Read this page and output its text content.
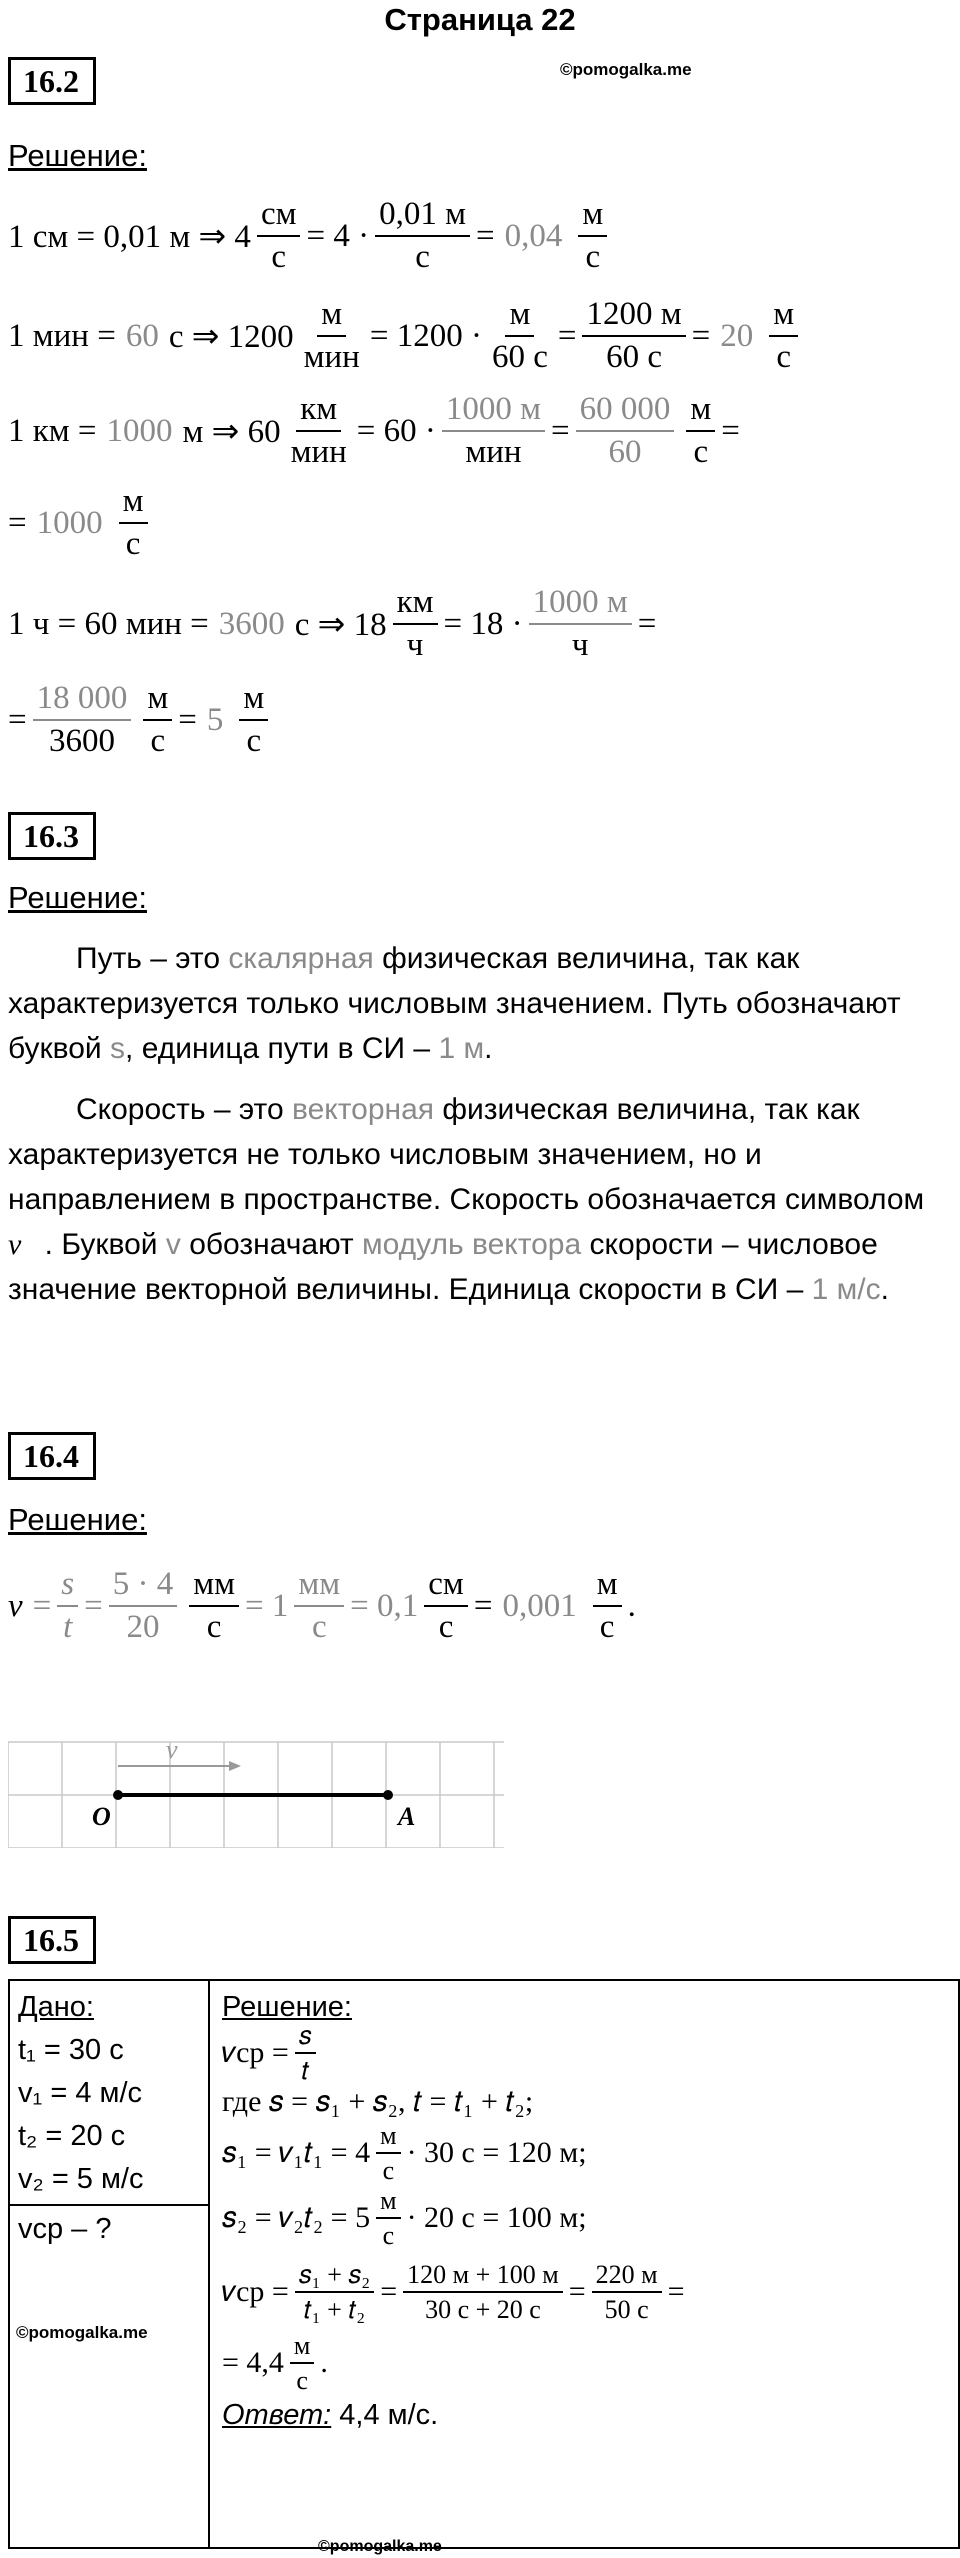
Страница 22
©pomogalka.me
16.2
Решение:
1 см = 0,01 м ⇒ $4 \frac{см}{с} = 4 \cdot \frac{0,01 м}{с} = 0,04 \frac{м}{с}$
1 мин = 60 с ⇒ $1200 \frac{м}{\text{мин}} = 1200 \cdot \frac{м}{60 с} = \frac{1200 м}{60 с} = 20 \frac{м}{с}$
1 км = 1000 м ⇒ $60 \frac{км}{\text{мин}} = 60 \cdot \frac{1000 м}{\text{мин}} = \frac{60 000}{60} \frac{м}{с}$ =
= $1000 \frac{м}{с}$
1 ч = 60 мин = 3600 с ⇒ $18 \frac{км}{ч} = 18 \cdot \frac{1000 м}{ч}$ =
= $\frac{18 000}{3600} \frac{м}{с} = 5 \frac{м}{с}$
16.3
Решение:
Путь – это скалярная физическая величина, так как характеризуется только числовым значением. Путь обозначают буквой s, единица пути в СИ – 1 м.
Скорость – это векторная физическая величина, так как характеризуется не только числовым значением, но и направлением в пространстве. Скорость обозначается символом v⃗. Буквой v обозначают модуль вектора скорости – числовое значение векторной величины. Единица скорости в СИ – 1 м/с.
16.4
Решение:
$v = \frac{s}{t} = \frac{5 \cdot 4}{20} \frac{мм}{с} = 1 \frac{мм}{с} = 0,1 \frac{см}{с} = 0,001 \frac{м}{с}$ .
v⃗
O	A
16.5
Дано:
t₁ = 30 с
v₁ = 4 м/с
t₂ = 20 с
v₂ = 5 м/с
vср – ?
©pomogalka.me
Решение:
𝑣ср = $\frac{\text{𝑠}}{\text{𝑡}}$
где 𝑠 = 𝑠₁ + 𝑠₂, 𝑡 = 𝑡₁ + 𝑡₂;
𝑠₁ = 𝑣₁𝑡₁ = $4 \frac{м}{с} \cdot 30$ с = 120 м;
𝑠₂ = 𝑣₂𝑡₂ = $5 \frac{м}{с} \cdot 20$ с = 100 м;
𝑣ср = $\frac{\text{𝑠₁ + 𝑠₂}}{\text{𝑡₁ + 𝑡₂}} = \frac{120 м + 100 м}{30 с + 20 с} = \frac{220 м}{50 с}$ =
= $4,4 \frac{м}{с}$ .
Ответ: 4,4 м/с.
©pomogalka.me
